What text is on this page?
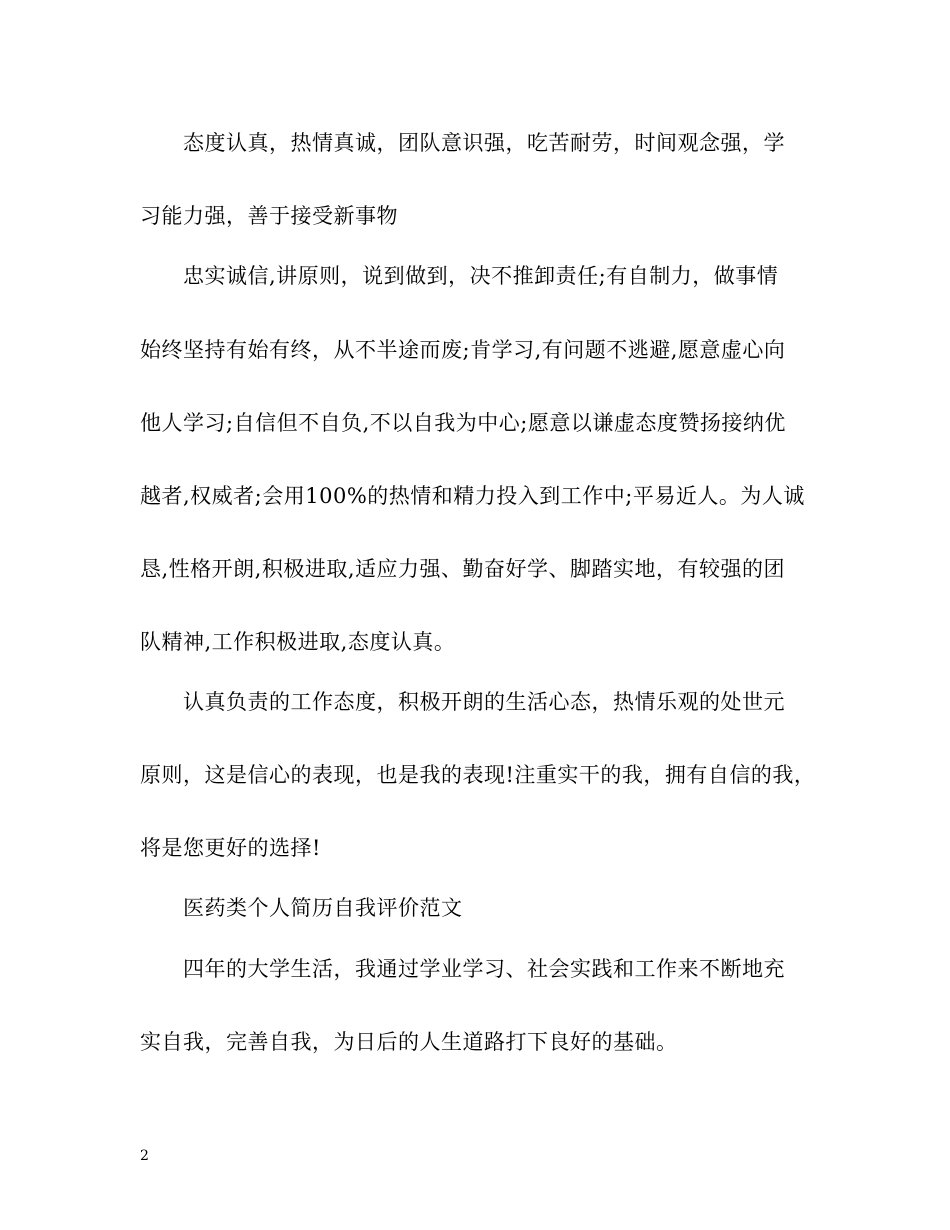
态度认真，热情真诚，团队意识强，吃苦耐劳，时间观念强，学
习能力强，善于接受新事物
忠实诚信,讲原则，说到做到，决不推卸责任;有自制力，做事情
始终坚持有始有终，从不半途而废;肯学习,有问题不逃避,愿意虚心向
他人学习;自信但不自负,不以自我为中心;愿意以谦虚态度赞扬接纳优
越者,权威者;会用100%的热情和精力投入到工作中;平易近人。为人诚
恳,性格开朗,积极进取,适应力强、勤奋好学、脚踏实地，有较强的团
队精神,工作积极进取,态度认真。
认真负责的工作态度，积极开朗的生活心态，热情乐观的处世元
原则，这是信心的表现，也是我的表现!注重实干的我，拥有自信的我，
将是您更好的选择!
医药类个人简历自我评价范文
四年的大学生活，我通过学业学习、社会实践和工作来不断地充
实自我，完善自我，为日后的人生道路打下良好的基础。
2
